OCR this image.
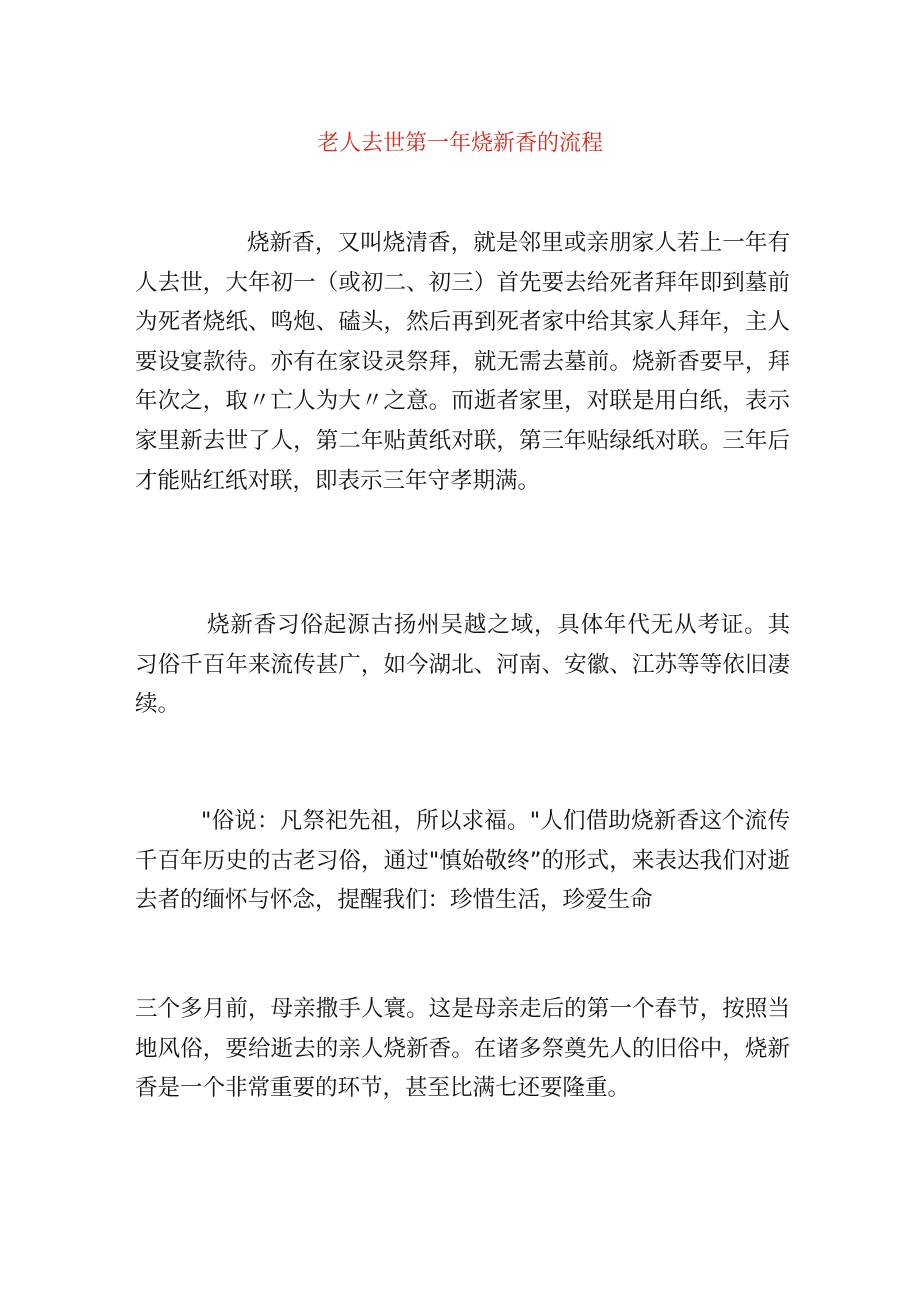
老人去世第一年烧新香的流程

烧新香，又叫烧清香，就是邻里或亲朋家人若上一年有人去世，大年初一（或初二、初三）首先要去给死者拜年即到墓前为死者烧纸、鸣炮、磕头，然后再到死者家中给其家人拜年，主人要设宴款待。亦有在家设灵祭拜，就无需去墓前。烧新香要早，拜年次之，取〃亡人为大〃之意。而逝者家里，对联是用白纸，表示家里新去世了人，第二年贴黄纸对联，第三年贴绿纸对联。三年后才能贴红纸对联，即表示三年守孝期满。

烧新香习俗起源古扬州吴越之域，具体年代无从考证。其习俗千百年来流传甚广，如今湖北、河南、安徽、江苏等等依旧凄续。

"俗说：凡祭祀先祖，所以求福。"人们借助烧新香这个流传千百年历史的古老习俗，通过"慎始敬终”的形式，来表达我们对逝去者的缅怀与怀念，提醒我们：珍惜生活，珍爱生命

三个多月前，母亲撒手人寰。这是母亲走后的第一个春节，按照当地风俗，要给逝去的亲人烧新香。在诸多祭奠先人的旧俗中，烧新香是一个非常重要的环节，甚至比满七还要隆重。
